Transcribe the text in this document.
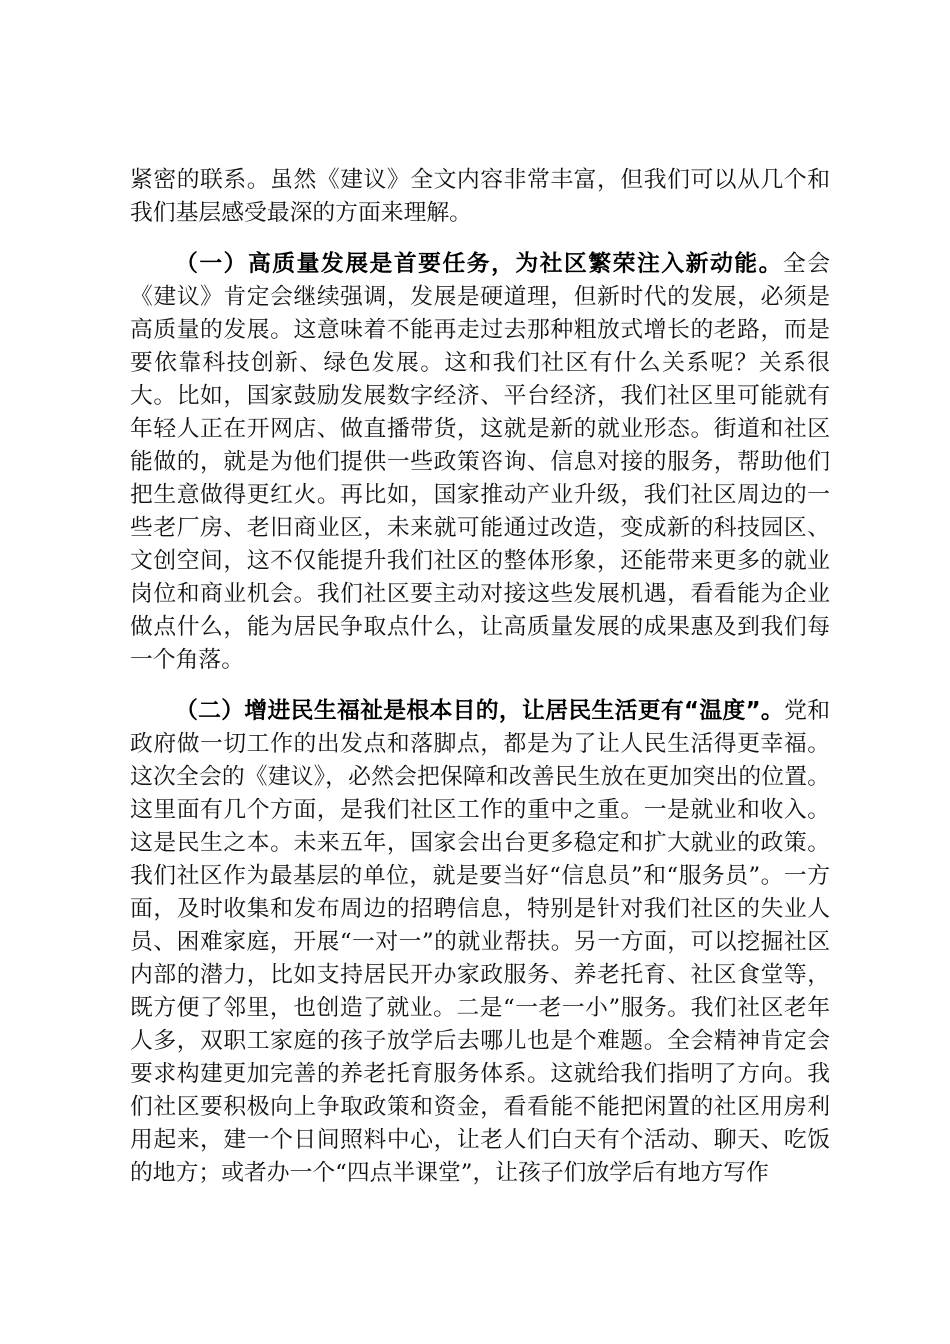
紧密的联系。虽然《建议》全文内容非常丰富，但我们可以从几个和我们基层感受最深的方面来理解。

（一）高质量发展是首要任务，为社区繁荣注入新动能。全会《建议》肯定会继续强调，发展是硬道理，但新时代的发展，必须是高质量的发展。这意味着不能再走过去那种粗放式增长的老路，而是要依靠科技创新、绿色发展。这和我们社区有什么关系呢？关系很大。比如，国家鼓励发展数字经济、平台经济，我们社区里可能就有年轻人正在开网店、做直播带货，这就是新的就业形态。街道和社区能做的，就是为他们提供一些政策咨询、信息对接的服务，帮助他们把生意做得更红火。再比如，国家推动产业升级，我们社区周边的一些老厂房、老旧商业区，未来就可能通过改造，变成新的科技园区、文创空间，这不仅能提升我们社区的整体形象，还能带来更多的就业岗位和商业机会。我们社区要主动对接这些发展机遇，看看能为企业做点什么，能为居民争取点什么，让高质量发展的成果惠及到我们每一个角落。

（二）增进民生福祉是根本目的，让居民生活更有“温度”。党和政府做一切工作的出发点和落脚点，都是为了让人民生活得更幸福。这次全会的《建议》，必然会把保障和改善民生放在更加突出的位置。这里面有几个方面，是我们社区工作的重中之重。一是就业和收入。这是民生之本。未来五年，国家会出台更多稳定和扩大就业的政策。我们社区作为最基层的单位，就是要当好“信息员”和“服务员”。一方面，及时收集和发布周边的招聘信息，特别是针对我们社区的失业人员、困难家庭，开展“一对一”的就业帮扶。另一方面，可以挖掘社区内部的潜力，比如支持居民开办家政服务、养老托育、社区食堂等，既方便了邻里，也创造了就业。二是“一老一小”服务。我们社区老年人多，双职工家庭的孩子放学后去哪儿也是个难题。全会精神肯定会要求构建更加完善的养老托育服务体系。这就给我们指明了方向。我们社区要积极向上争取政策和资金，看看能不能把闲置的社区用房利用起来，建一个日间照料中心，让老人们白天有个活动、聊天、吃饭的地方；或者办一个“四点半课堂”，让孩子们放学后有地方写作
